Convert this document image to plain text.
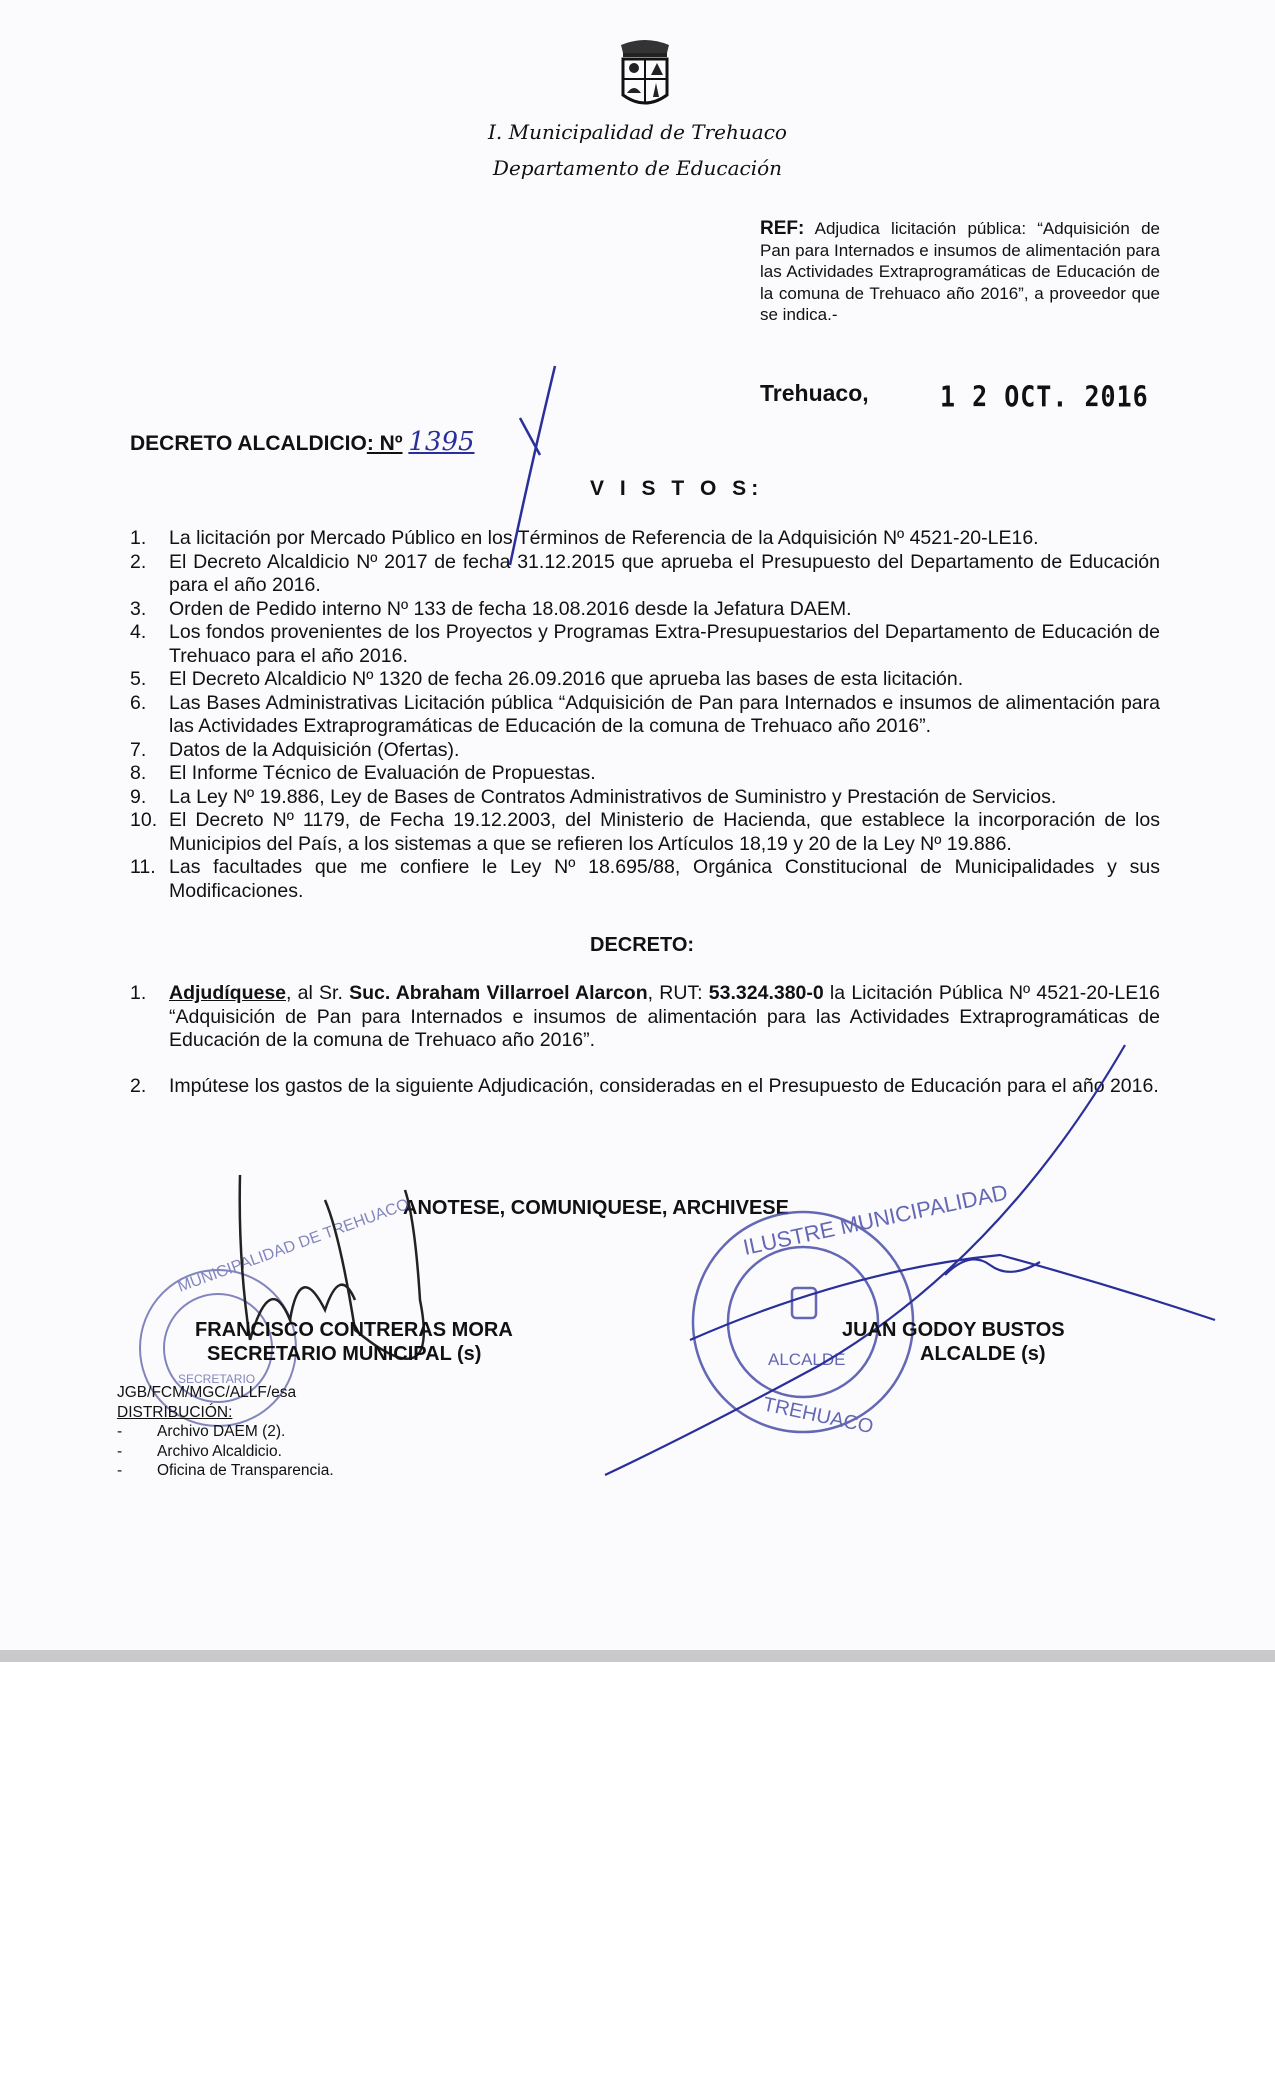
I. Municipalidad de Trehuaco
Departamento de Educación
REF: Adjudica licitación pública: “Adquisición de Pan para Internados e insumos de alimentación para las Actividades Extraprogramáticas de Educación de la comuna de Trehuaco año 2016”, a proveedor que se indica.-
Trehuaco,	1 2 OCT. 2016
DECRETO ALCALDICIO: Nº 1395
V I S T O S:
1. La licitación por Mercado Público en los Términos de Referencia de la Adquisición Nº 4521-20-LE16.
2. El Decreto Alcaldicio Nº 2017 de fecha 31.12.2015 que aprueba el Presupuesto del Departamento de Educación para el año 2016.
3. Orden de Pedido interno Nº 133 de fecha 18.08.2016 desde la Jefatura DAEM.
4. Los fondos provenientes de los Proyectos y Programas Extra-Presupuestarios del Departamento de Educación de Trehuaco para el año 2016.
5. El Decreto Alcaldicio Nº 1320 de fecha 26.09.2016 que aprueba las bases de esta licitación.
6. Las Bases Administrativas Licitación pública “Adquisición de Pan para Internados e insumos de alimentación para las Actividades Extraprogramáticas de Educación de la comuna de Trehuaco año 2016”.
7. Datos de la Adquisición (Ofertas).
8. El Informe Técnico de Evaluación de Propuestas.
9. La Ley Nº 19.886, Ley de Bases de Contratos Administrativos de Suministro y Prestación de Servicios.
10. El Decreto Nº 1179, de Fecha 19.12.2003, del Ministerio de Hacienda, que establece la incorporación de los Municipios del País, a los sistemas a que se refieren los Artículos 18,19 y 20 de la Ley Nº 19.886.
11. Las facultades que me confiere le Ley Nº 18.695/88, Orgánica Constitucional de Municipalidades y sus Modificaciones.
DECRETO:
1. Adjudíquese, al Sr. Suc. Abraham Villarroel Alarcon, RUT: 53.324.380-0 la Licitación Pública Nº 4521-20-LE16 “Adquisición de Pan para Internados e insumos de alimentación para las Actividades Extraprogramáticas de Educación de la comuna de Trehuaco año 2016”.
2. Impútese los gastos de la siguiente Adjudicación, consideradas en el Presupuesto de Educación para el año 2016.
ANOTESE, COMUNIQUESE, ARCHIVESE
MUNICIPALIDAD DE TREHUACO
SECRETARIO
ILUSTRE MUNICIPALIDAD
ALCALDE
TREHUACO
FRANCISCO CONTRERAS MORA
SECRETARIO MUNICIPAL (s)
JUAN GODOY BUSTOS
ALCALDE (s)
JGB/FCM/MGC/ALLF/esa
DISTRIBUCIÓN:
- Archivo DAEM (2).
- Archivo Alcaldicio.
- Oficina de Transparencia.
